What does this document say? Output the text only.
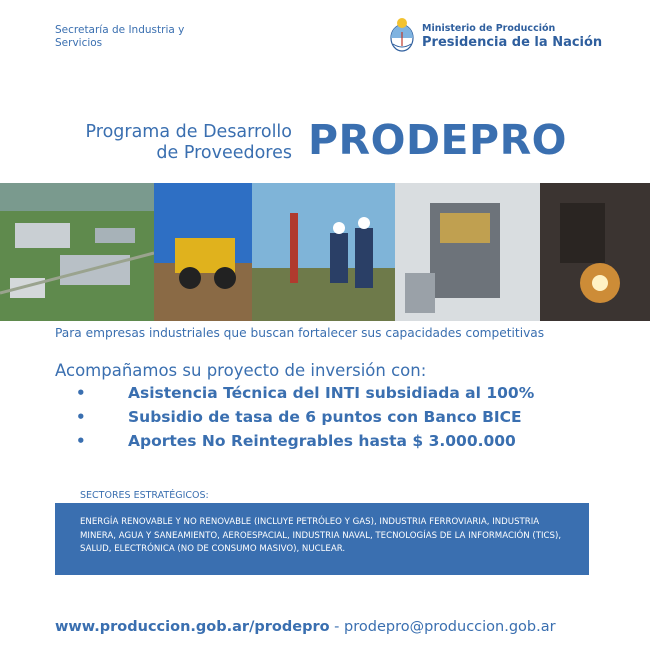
Secretaría de Industria y Servicios
Ministerio de Producción
Presidencia de la Nación
Programa de Desarrollo
de Proveedores PRODEPRO
Para empresas industriales que buscan fortalecer sus capacidades competitivas
Acompañamos su proyecto de inversión con:
•	Asistencia Técnica del INTI subsidiada al 100%
•	Subsidio de tasa de 6 puntos con Banco BICE
•	Aportes No Reintegrables hasta $ 3.000.000
SECTORES ESTRATÉGICOS:
ENERGÍA RENOVABLE Y NO RENOVABLE (INCLUYE PETRÓLEO Y GAS), INDUSTRIA FERROVIARIA, INDUSTRIA MINERA, AGUA Y SANEAMIENTO, AEROESPACIAL, INDUSTRIA NAVAL, TECNOLOGÍAS DE LA INFORMACIÓN (TICS), SALUD, ELECTRÓNICA (NO DE CONSUMO MASIVO), NUCLEAR.
www.produccion.gob.ar/prodepro - prodepro@produccion.gob.ar
